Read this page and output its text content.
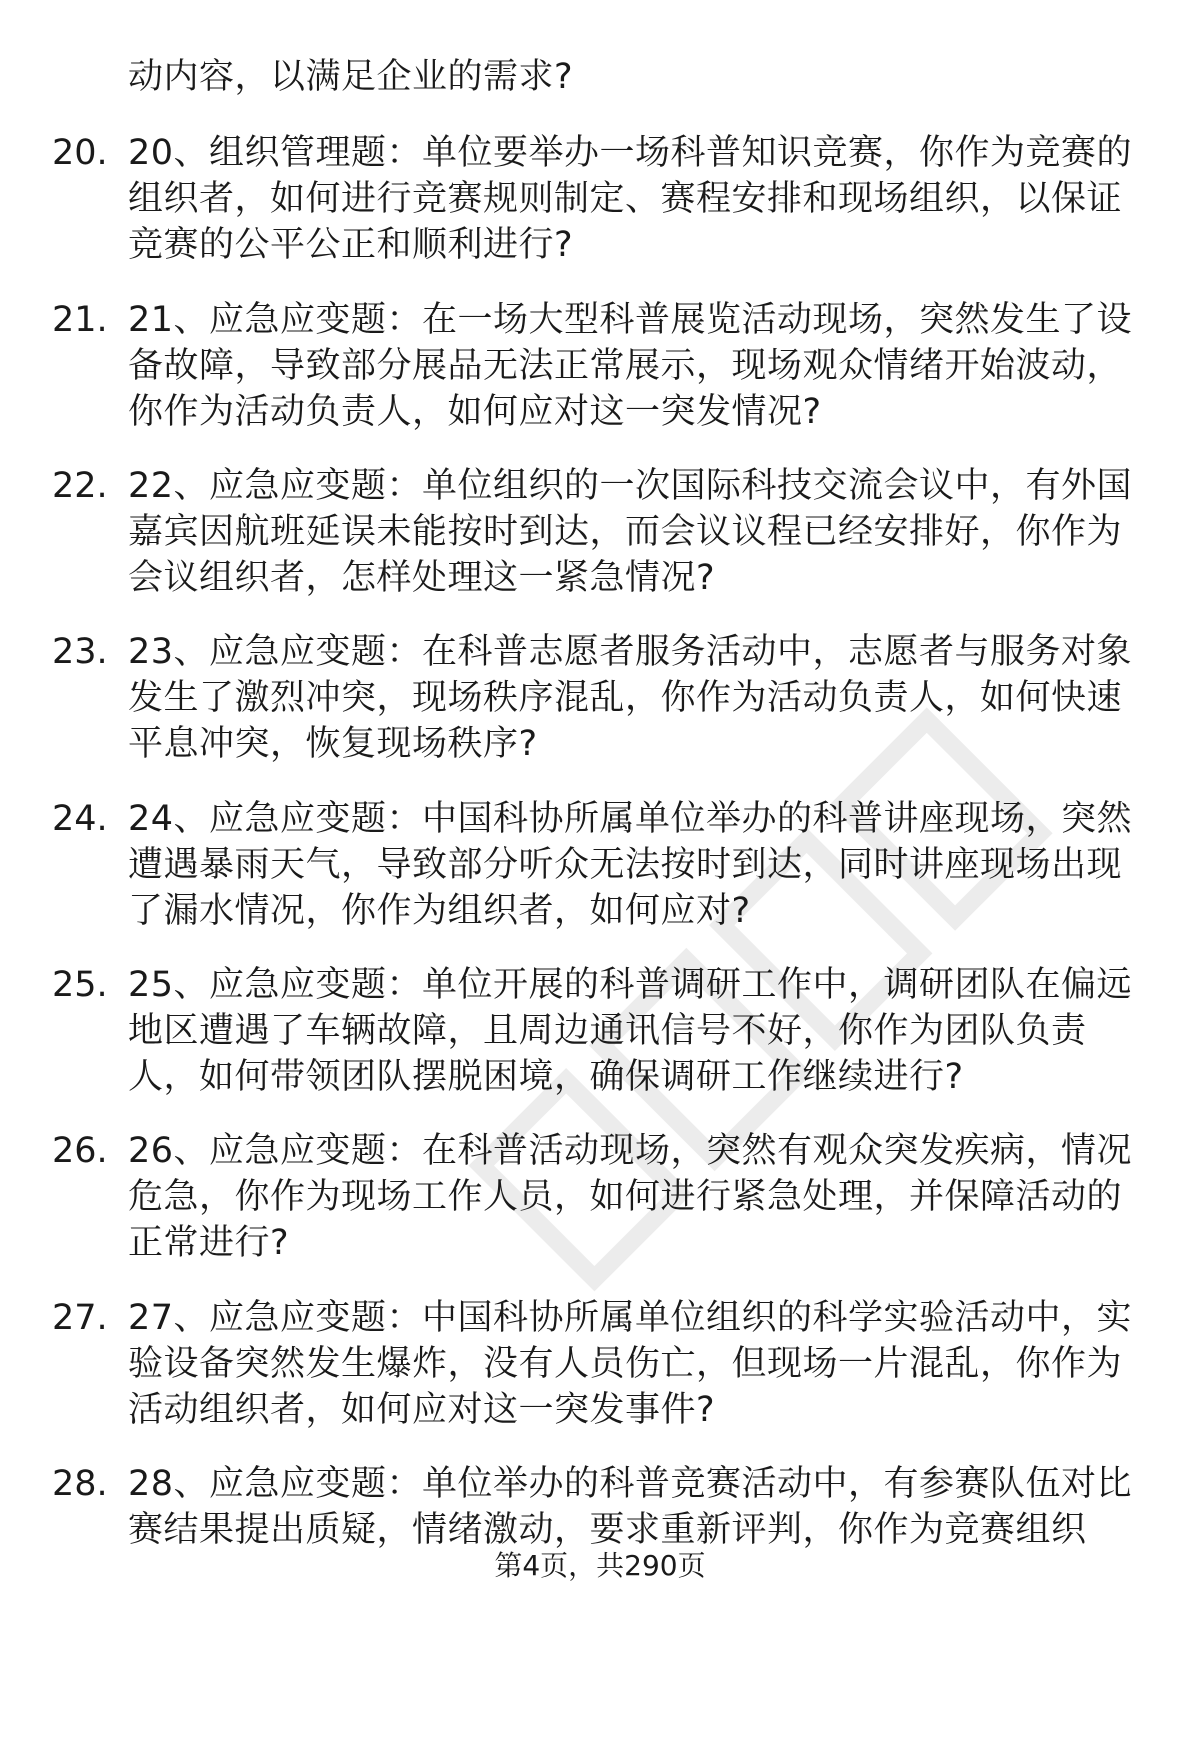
动内容，以满足企业的需求?
20. 20、组织管理题：单位要举办一场科普知识竞赛，你作为竞赛的
组织者，如何进行竞赛规则制定、赛程安排和现场组织，以保证
竞赛的公平公正和顺利进行?
21. 21、应急应变题：在一场大型科普展览活动现场，突然发生了设
备故障，导致部分展品无法正常展示，现场观众情绪开始波动，
你作为活动负责人，如何应对这一突发情况?
22. 22、应急应变题：单位组织的一次国际科技交流会议中，有外国
嘉宾因航班延误未能按时到达，而会议议程已经安排好，你作为
会议组织者，怎样处理这一紧急情况?
23. 23、应急应变题：在科普志愿者服务活动中，志愿者与服务对象
发生了激烈冲突，现场秩序混乱，你作为活动负责人，如何快速
平息冲突，恢复现场秩序?
24. 24、应急应变题：中国科协所属单位举办的科普讲座现场，突然
遭遇暴雨天气，导致部分听众无法按时到达，同时讲座现场出现
了漏水情况，你作为组织者，如何应对?
25. 25、应急应变题：单位开展的科普调研工作中，调研团队在偏远
地区遭遇了车辆故障，且周边通讯信号不好，你作为团队负责
人，如何带领团队摆脱困境，确保调研工作继续进行?
26. 26、应急应变题：在科普活动现场，突然有观众突发疾病，情况
危急，你作为现场工作人员，如何进行紧急处理，并保障活动的
正常进行?
27. 27、应急应变题：中国科协所属单位组织的科学实验活动中，实
验设备突然发生爆炸，没有人员伤亡，但现场一片混乱，你作为
活动组织者，如何应对这一突发事件?
28. 28、应急应变题：单位举办的科普竞赛活动中，有参赛队伍对比
赛结果提出质疑，情绪激动，要求重新评判，你作为竞赛组织
第4页，共290页
